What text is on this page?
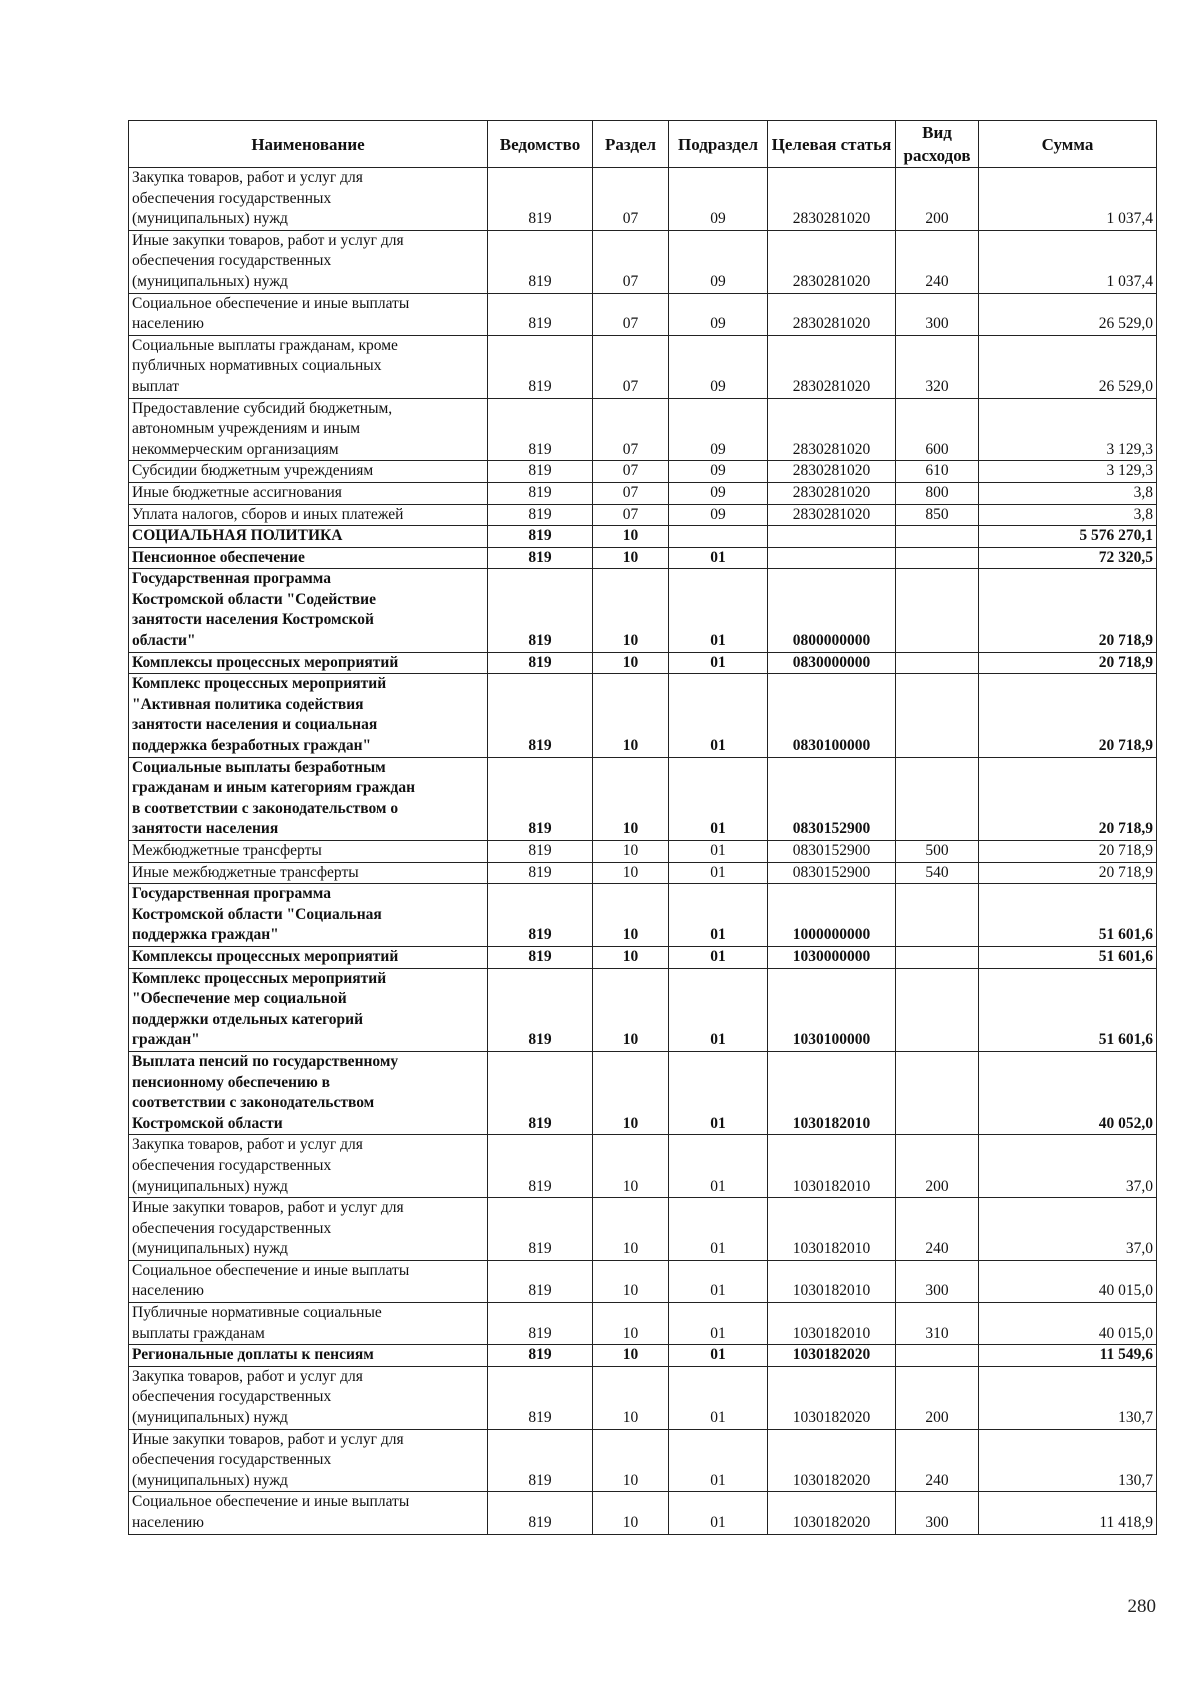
Наименование	Ведомство	Раздел	Подраздел	Целевая статья	Вид расходов	Сумма
Закупка товаров, работ и услуг для
обеспечения государственных
(муниципальных) нужд	819	07	09	2830281020	200	1 037,4
Иные закупки товаров, работ и услуг для
обеспечения государственных
(муниципальных) нужд	819	07	09	2830281020	240	1 037,4
Социальное обеспечение и иные выплаты
населению	819	07	09	2830281020	300	26 529,0
Социальные выплаты гражданам, кроме
публичных нормативных социальных
выплат	819	07	09	2830281020	320	26 529,0
Предоставление субсидий бюджетным,
автономным учреждениям и иным
некоммерческим организациям	819	07	09	2830281020	600	3 129,3
Субсидии бюджетным учреждениям	819	07	09	2830281020	610	3 129,3
Иные бюджетные ассигнования	819	07	09	2830281020	800	3,8
Уплата налогов, сборов и иных платежей	819	07	09	2830281020	850	3,8
СОЦИАЛЬНАЯ ПОЛИТИКА	819	10				5 576 270,1
Пенсионное обеспечение	819	10	01			72 320,5
Государственная программа
Костромской области "Содействие
занятости населения Костромской
области"	819	10	01	0800000000		20 718,9
Комплексы процессных мероприятий	819	10	01	0830000000		20 718,9
Комплекс процессных мероприятий
"Активная политика содействия
занятости населения и социальная
поддержка безработных граждан"	819	10	01	0830100000		20 718,9
Социальные выплаты безработным
гражданам и иным категориям граждан
в соответствии с законодательством о
занятости населения	819	10	01	0830152900		20 718,9
Межбюджетные трансферты	819	10	01	0830152900	500	20 718,9
Иные межбюджетные трансферты	819	10	01	0830152900	540	20 718,9
Государственная программа
Костромской области "Социальная
поддержка граждан"	819	10	01	1000000000		51 601,6
Комплексы процессных мероприятий	819	10	01	1030000000		51 601,6
Комплекс процессных мероприятий
"Обеспечение мер социальной
поддержки отдельных категорий
граждан"	819	10	01	1030100000		51 601,6
Выплата пенсий по государственному
пенсионному обеспечению в
соответствии с законодательством
Костромской области	819	10	01	1030182010		40 052,0
Закупка товаров, работ и услуг для
обеспечения государственных
(муниципальных) нужд	819	10	01	1030182010	200	37,0
Иные закупки товаров, работ и услуг для
обеспечения государственных
(муниципальных) нужд	819	10	01	1030182010	240	37,0
Социальное обеспечение и иные выплаты
населению	819	10	01	1030182010	300	40 015,0
Публичные нормативные социальные
выплаты гражданам	819	10	01	1030182010	310	40 015,0
Региональные доплаты к пенсиям	819	10	01	1030182020		11 549,6
Закупка товаров, работ и услуг для
обеспечения государственных
(муниципальных) нужд	819	10	01	1030182020	200	130,7
Иные закупки товаров, работ и услуг для
обеспечения государственных
(муниципальных) нужд	819	10	01	1030182020	240	130,7
Социальное обеспечение и иные выплаты
населению	819	10	01	1030182020	300	11 418,9
280
